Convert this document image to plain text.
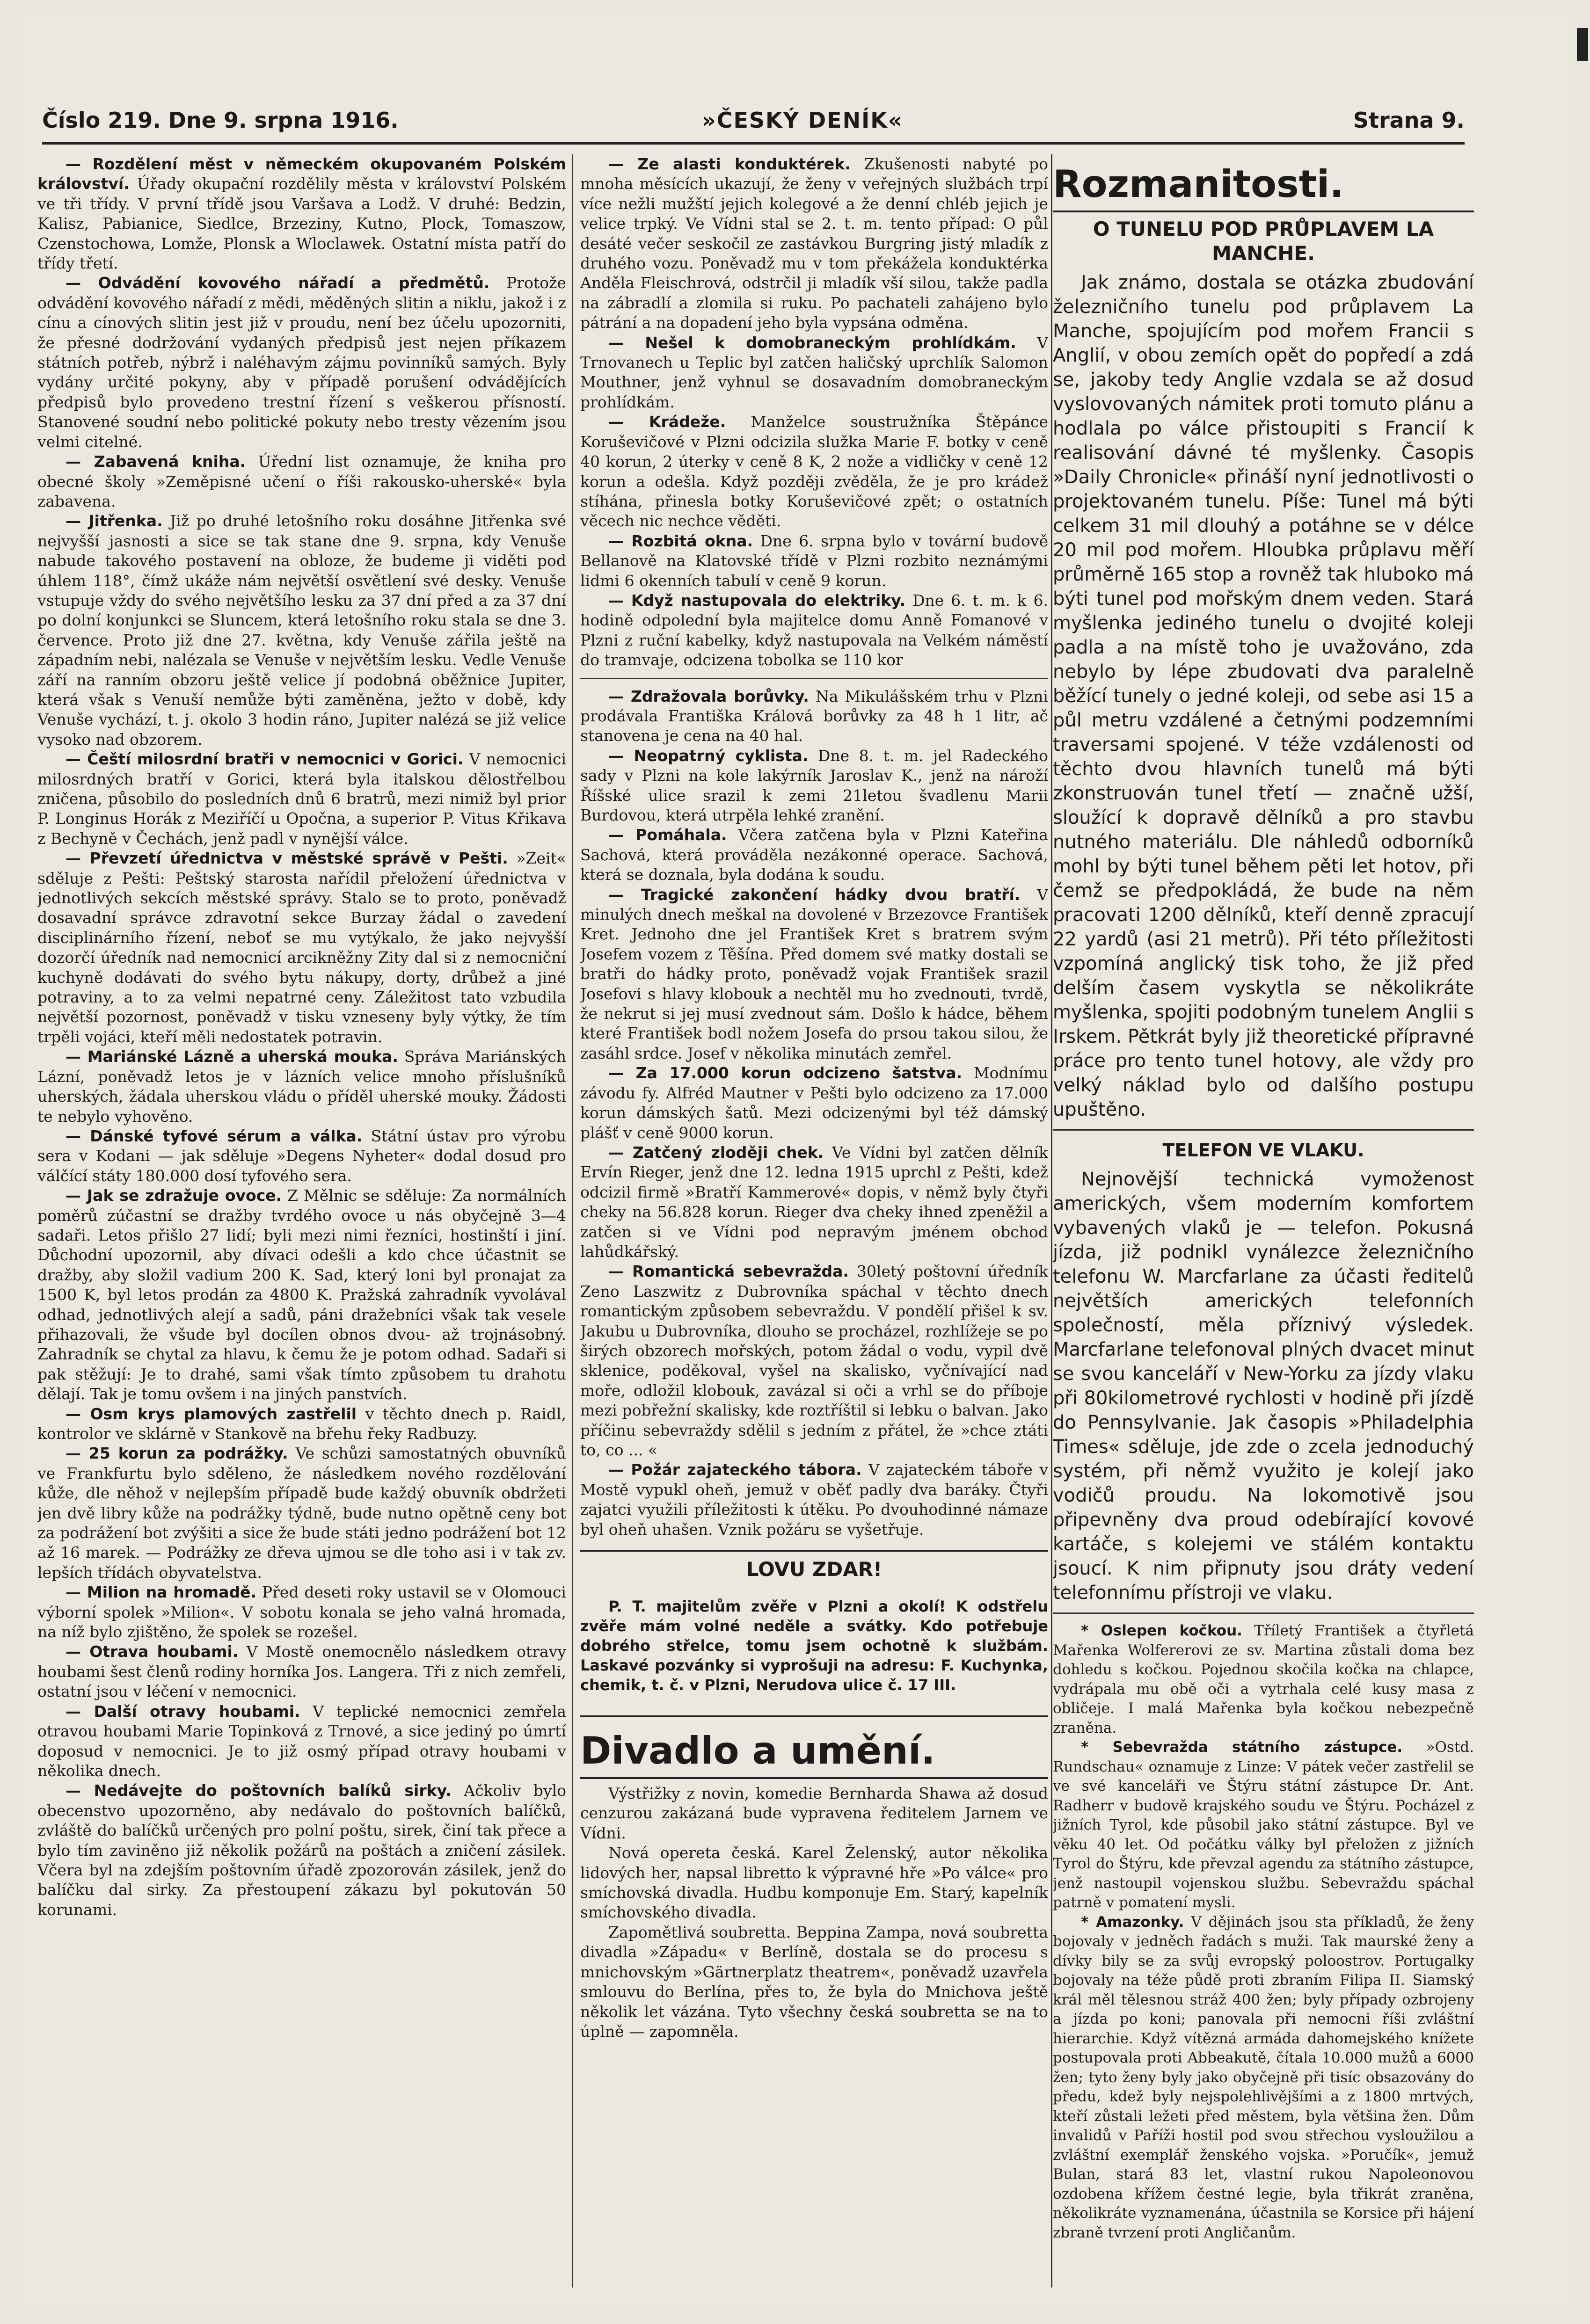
Číslo 219. Dne 9. srpna 1916.	»ČESKÝ DENÍK«	Strana 9.

— Rozdělení měst v německém okupovaném Polském království. Úřady okupační rozdělily města v království Polském ve tři třídy. V první třídě jsou Varšava a Lodž. V druhé: Bedzin, Kalisz, Pabianice, Siedlce, Brzeziny, Kutno, Plock, Tomaszow, Czenstochowa, Lomže, Plonsk a Wloclawek. Ostatní místa patří do třídy třetí.

— Odvádění kovového nářadí a předmětů. Protože odvádění kovového nářadí z mědi, měděných slitin a niklu, jakož i z cínu a cínových slitin jest již v proudu, není bez účelu upozorniti, že přesné dodržování vydaných předpisů jest nejen příkazem státních potřeb, nýbrž i naléhavým zájmu povinníků samých. Byly vydány určité pokyny, aby v případě porušení odvádějících předpisů bylo provedeno trestní řízení s veškerou přísností. Stanovené soudní nebo politické pokuty nebo tresty vězením jsou velmi citelné.

— Zabavená kniha. Úřední list oznamuje, že kniha pro obecné školy »Zeměpisné učení o říši rakousko-uherské« byla zabavena.

— Jitřenka. Již po druhé letošního roku dosáhne Jitřenka své nejvyšší jasnosti a sice se tak stane dne 9. srpna, kdy Venuše nabude takového postavení na obloze, že budeme ji viděti pod úhlem 118°, čímž ukáže nám největší osvětlení své desky. Venuše vstupuje vždy do svého největšího lesku za 37 dní před a za 37 dní po dolní konjunkci se Sluncem, která letošního roku stala se dne 3. července. Proto již dne 27. května, kdy Venuše zářila ještě na západním nebi, nalézala se Venuše v největším lesku. Vedle Venuše září na ranním obzoru ještě velice jí podobná oběžnice Jupiter, která však s Venuší nemůže býti zaměněna, ježto v době, kdy Venuše vychází, t. j. okolo 3 hodin ráno, Jupiter nalézá se již velice vysoko nad obzorem.

— Čeští milosrdní bratři v nemocnici v Gorici. V nemocnici milosrdných bratří v Gorici, která byla italskou dělostřelbou zničena, působilo do posledních dnů 6 bratrů, mezi nimiž byl prior P. Longinus Horák z Meziříčí u Opočna, a superior P. Vitus Křikava z Bechyně v Čechách, jenž padl v nynější válce.

— Převzetí úřednictva v městské správě v Pešti. »Zeit« sděluje z Pešti: Peštský starosta nařídil přeložení úřednictva v jednotlivých sekcích městské správy. Stalo se to proto, poněvadž dosavadní správce zdravotní sekce Burzay žádal o zavedení disciplinárního řízení, neboť se mu vytýkalo, že jako nejvyšší dozorčí úředník nad nemocnicí arcikněžny Zity dal si z nemocniční kuchyně dodávati do svého bytu nákupy, dorty, drůbež a jiné potraviny, a to za velmi nepatrné ceny. Záležitost tato vzbudila největší pozornost, poněvadž v tisku vzneseny byly výtky, že tím trpěli vojáci, kteří měli nedostatek potravin.

— Mariánské Lázně a uherská mouka. Správa Mariánských Lázní, poněvadž letos je v lázních velice mnoho příslušníků uherských, žádala uherskou vládu o příděl uherské mouky. Žádosti te nebylo vyhověno.

— Dánské tyfové sérum a válka. Státní ústav pro výrobu sera v Kodani — jak sděluje »Degens Nyheter« dodal dosud pro válčící státy 180.000 dosí tyfového sera.

— Jak se zdražuje ovoce. Z Mělnic se sděluje: Za normálních poměrů zúčastní se dražby tvrdého ovoce u nás obyčejně 3—4 sadaři. Letos přišlo 27 lidí; byli mezi nimi řezníci, hostinští i jiní. Důchodní upozornil, aby dívaci odešli a kdo chce účastnit se dražby, aby složil vadium 200 K. Sad, který loni byl pronajat za 1500 K, byl letos prodán za 4800 K. Pražská zahradník vyvolával odhad, jednotlivých alejí a sadů, páni dražebníci však tak vesele přihazovali, že všude byl docílen obnos dvou- až trojnásobný. Zahradník se chytal za hlavu, k čemu že je potom odhad. Sadaři si pak stěžují: Je to drahé, sami však tímto způsobem tu drahotu dělají. Tak je tomu ovšem i na jiných panstvích.

— Osm krys plamových zastřelil v těchto dnech p. Raidl, kontrolor ve sklárně v Stankově na břehu řeky Radbuzy.

— 25 korun za podrážky. Ve schůzi samostatných obuvníků ve Frankfurtu bylo sděleno, že následkem nového rozdělování kůže, dle něhož v nejlepším případě bude každý obuvník obdržeti jen dvě libry kůže na podrážky týdně, bude nutno opětně ceny bot za podrážení bot zvýšiti a sice že bude státi jedno podrážení bot 12 až 16 marek. — Podrážky ze dřeva ujmou se dle toho asi i v tak zv. lepších třídách obyvatelstva.

— Milion na hromadě. Před deseti roky ustavil se v Olomouci výborní spolek »Milion«. V sobotu konala se jeho valná hromada, na níž bylo zjištěno, že spolek se rozešel.

— Otrava houbami. V Mostě onemocnělo následkem otravy houbami šest členů rodiny horníka Jos. Langera. Tři z nich zemřeli, ostatní jsou v léčení v nemocnici.

— Další otravy houbami. V teplické nemocnici zemřela otravou houbami Marie Topinková z Trnové, a sice jediný po úmrtí doposud v nemocnici. Je to již osmý případ otravy houbami v několika dnech.

— Nedávejte do poštovních balíků sirky. Ačkoliv bylo obecenstvo upozorněno, aby nedávalo do poštovních balíčků, zvláště do balíčků určených pro polní poštu, sirek, činí tak přece a bylo tím zaviněno již několik požárů na poštách a zničení zásilek. Včera byl na zdejším poštovním úřadě zpozorován zásilek, jenž do balíčku dal sirky. Za přestoupení zákazu byl pokutován 50 korunami.

— Ze alasti konduktérek. Zkušenosti nabyté po mnoha měsících ukazují, že ženy v veřejných službách trpí více nežli mužští jejich kolegové a že denní chléb jejich je velice trpký. Ve Vídni stal se 2. t. m. tento případ: O půl desáté večer seskočil ze zastávkou Burgring jistý mladík z druhého vozu. Poněvadž mu v tom překážela konduktérka Anděla Fleischrová, odstrčil ji mladík vší silou, takže padla na zábradlí a zlomila si ruku. Po pachateli zahájeno bylo pátrání a na dopadení jeho byla vypsána odměna.

— Nešel k domobraneckým prohlídkám. V Trnovanech u Teplic byl zatčen haličský uprchlík Salomon Mouthner, jenž vyhnul se dosavadním domobraneckým prohlídkám.

— Krádeže. Manželce soustružníka Štěpánce Koruševičové v Plzni odcizila služka Marie F. botky v ceně 40 korun, 2 úterky v ceně 8 K, 2 nože a vidličky v ceně 12 korun a odešla. Když později zvěděla, že je pro krádež stíhána, přinesla botky Koruševičové zpět; o ostatních věcech nic nechce věděti.

— Rozbitá okna. Dne 6. srpna bylo v tovární budově Bellanově na Klatovské třídě v Plzni rozbito neznámými lidmi 6 okenních tabulí v ceně 9 korun.

— Když nastupovala do elektriky. Dne 6. t. m. k 6. hodině odpolední byla majitelce domu Anně Fomanové v Plzni z ruční kabelky, když nastupovala na Velkém náměstí do tramvaje, odcizena tobolka se 110 kor

— Zdražovala borůvky. Na Mikulášském trhu v Plzni prodávala Františka Králová borůvky za 48 h 1 litr, ač stanovena je cena na 40 hal.

— Neopatrný cyklista. Dne 8. t. m. jel Radeckého sady v Plzni na kole lakýrník Jaroslav K., jenž na nároží Říšské ulice srazil k zemi 21letou švadlenu Marii Burdovou, která utrpěla lehké zranění.

— Pomáhala. Včera zatčena byla v Plzni Kateřina Sachová, která prováděla nezákonné operace. Sachová, která se doznala, byla dodána k soudu.

— Tragické zakončení hádky dvou bratří. V minulých dnech meškal na dovolené v Brzezovce František Kret. Jednoho dne jel František Kret s bratrem svým Josefem vozem z Těšína. Před domem své matky dostali se bratři do hádky proto, poněvadž vojak František srazil Josefovi s hlavy klobouk a nechtěl mu ho zvednouti, tvrdě, že nekrut si jej musí zvednout sám. Došlo k hádce, během které František bodl nožem Josefa do prsou takou silou, že zasáhl srdce. Josef v několika minutách zemřel.

— Za 17.000 korun odcizeno šatstva. Modnímu závodu fy. Alfréd Mautner v Pešti bylo odcizeno za 17.000 korun dámských šatů. Mezi odcizenými byl též dámský plášť v ceně 9000 korun.

— Zatčený zloději chek. Ve Vídni byl zatčen dělník Ervín Rieger, jenž dne 12. ledna 1915 uprchl z Pešti, kdež odcizil firmě »Bratří Kammerové« dopis, v němž byly čtyři cheky na 56.828 korun. Rieger dva cheky ihned zpeněžil a zatčen si ve Vídni pod nepravým jménem obchod lahůdkářský.

— Romantická sebevražda. 30letý poštovní úředník Zeno Laszwitz z Dubrovníka spáchal v těchto dnech romantickým způsobem sebevraždu. V pondělí přišel k sv. Jakubu u Dubrovníka, dlouho se procházel, rozhlížeje se po širých obzorech mořských, potom žádal o vodu, vypil dvě sklenice, poděkoval, vyšel na skalisko, vyčnívající nad moře, odložil klobouk, zavázal si oči a vrhl se do příboje mezi pobřežní skalisky, kde roztříštil si lebku o balvan. Jako příčinu sebevraždy sdělil s jedním z přátel, že »chce ztáti to, co ... «

— Požár zajateckého tábora. V zajateckém táboře v Mostě vypukl oheň, jemuž v oběť padly dva baráky. Čtyři zajatci využili příležitosti k útěku. Po dvouhodinné námaze byl oheň uhašen. Vznik požáru se vyšetřuje.

LOVU ZDAR!

P. T. majitelům zvěře v Plzni a okolí! K odstřelu zvěře mám volné neděle a svátky. Kdo potřebuje dobrého střelce, tomu jsem ochotně k službám. Laskavé pozvánky si vyprošuji na adresu: F. Kuchynka, chemik, t. č. v Plzni, Nerudova ulice č. 17 III.

Divadlo a umění.

Výstřižky z novin, komedie Bernharda Shawa až dosud cenzurou zakázaná bude vypravena ředitelem Jarnem ve Vídni.

Nová opereta česká. Karel Želenský, autor několika lidových her, napsal libretto k výpravné hře »Po válce« pro smíchovská divadla. Hudbu komponuje Em. Starý, kapelník smíchovského divadla.

Zapomětlivá soubretta. Beppina Zampa, nová soubretta divadla »Západu« v Berlíně, dostala se do procesu s mnichovským »Gärtnerplatz theatrem«, poněvadž uzavřela smlouvu do Berlína, přes to, že byla do Mnichova ještě několik let vázána. Tyto všechny česká soubretta se na to úplně — zapomněla.

Rozmanitosti.
O TUNELU POD PRŮPLAVEM LA MANCHE.

Jak známo, dostala se otázka zbudování železničního tunelu pod průplavem La Manche, spojujícím pod mořem Francii s Anglií, v obou zemích opět do popředí a zdá se, jakoby tedy Anglie vzdala se až dosud vyslovovaných námitek proti tomuto plánu a hodlala po válce přistoupiti s Francií k realisování dávné té myšlenky. Časopis »Daily Chronicle« přináší nyní jednotlivosti o projektovaném tunelu. Píše: Tunel má býti celkem 31 mil dlouhý a potáhne se v délce 20 mil pod mořem. Hloubka průplavu měří průměrně 165 stop a rovněž tak hluboko má býti tunel pod mořským dnem veden. Stará myšlenka jediného tunelu o dvojité koleji padla a na místě toho je uvažováno, zda nebylo by lépe zbudovati dva paralelně běžící tunely o jedné koleji, od sebe asi 15 a půl metru vzdálené a četnými podzemními traversami spojené. V téže vzdálenosti od těchto dvou hlavních tunelů má býti zkonstruován tunel třetí — značně užší, sloužící k dopravě dělníků a pro stavbu nutného materiálu. Dle náhledů odborníků mohl by býti tunel během pěti let hotov, při čemž se předpokládá, že bude na něm pracovati 1200 dělníků, kteří denně zpracují 22 yardů (asi 21 metrů). Při této příležitosti vzpomíná anglický tisk toho, že již před delším časem vyskytla se několikráte myšlenka, spojiti podobným tunelem Anglii s Irskem. Pětkrát byly již theoretické přípravné práce pro tento tunel hotovy, ale vždy pro velký náklad bylo od dalšího postupu upuštěno.

TELEFON VE VLAKU.

Nejnovější technická vymoženost amerických, všem moderním komfortem vybavených vlaků je — telefon. Pokusná jízda, již podnikl vynálezce železničního telefonu W. Marcfarlane za účasti ředitelů největších amerických telefonních společností, měla příznivý výsledek. Marcfarlane telefonoval plných dvacet minut se svou kanceláří v New-Yorku za jízdy vlaku při 80kilometrové rychlosti v hodině při jízdě do Pennsylvanie. Jak časopis »Philadelphia Times« sděluje, jde zde o zcela jednoduchý systém, při němž využito je kolejí jako vodičů proudu. Na lokomotivě jsou připevněny dva proud odebírající kovové kartáče, s kolejemi ve stálém kontaktu jsoucí. K nim připnuty jsou dráty vedení telefonnímu přístroji ve vlaku.

* Oslepen kočkou. Tříletý František a čtyřletá Mařenka Wolfererovi ze sv. Martina zůstali doma bez dohledu s kočkou. Pojednou skočila kočka na chlapce, vydrápala mu obě oči a vytrhala celé kusy masa z obličeje. I malá Mařenka byla kočkou nebezpečně zraněna.

* Sebevražda státního zástupce. »Ostd. Rundschau« oznamuje z Linze: V pátek večer zastřelil se ve své kanceláři ve Štýru státní zástupce Dr. Ant. Radherr v budově krajského soudu ve Štýru. Pocházel z jižních Tyrol, kde působil jako státní zástupce. Byl ve věku 40 let. Od počátku války byl přeložen z jižních Tyrol do Štýru, kde převzal agendu za státního zástupce, jenž nastoupil vojenskou službu. Sebevraždu spáchal patrně v pomatení mysli.

* Amazonky. V dějinách jsou sta příkladů, že ženy bojovaly v jedněch řadách s muži. Tak maurské ženy a dívky bily se za svůj evropský poloostrov. Portugalky bojovaly na téže půdě proti zbraním Filipa II. Siamský král měl tělesnou stráž 400 žen; byly případy ozbrojeny a jízda po koni; panovala při nemocni říši zvláštní hierarchie. Když vítězná armáda dahomejského knížete postupovala proti Abbeakutě, čítala 10.000 mužů a 6000 žen; tyto ženy byly jako obyčejně při tisíc obsazovány do předu, kdež byly nejspolehlivějšími a z 1800 mrtvých, kteří zůstali ležeti před městem, byla většina žen. Dům invalidů v Paříži hostil pod svou střechou vysloužilou a zvláštní exemplář ženského vojska. »Poručík«, jemuž Bulan, stará 83 let, vlastní rukou Napoleonovou ozdobena křížem čestné legie, byla třikrát zraněna, několikráte vyznamenána, účastnila se Korsice při hájení zbraně tvrzení proti Angličanům.
